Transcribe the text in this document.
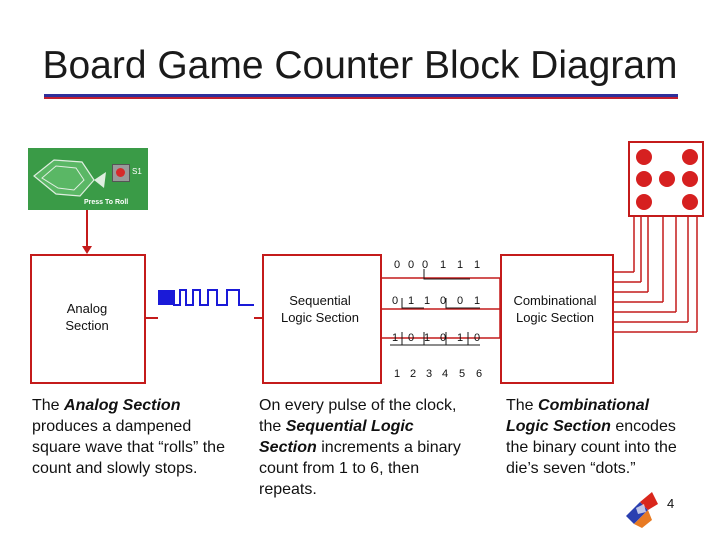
Board Game Counter Block Diagram
S1
Press To Roll
Analog Section
Sequential Logic Section
Combinational Logic Section
0 0 0 1 1 1
0 1 1 0 0 1
1 0 1 0 1 0
1 2 3 4 5 6
The Analog Section produces a dampened square wave that “rolls” the count and slowly stops.
On every pulse of the clock, the Sequential Logic Section increments a binary count from 1 to 6, then repeats.
The Combinational Logic Section encodes the binary count into the die’s seven “dots.”
4
